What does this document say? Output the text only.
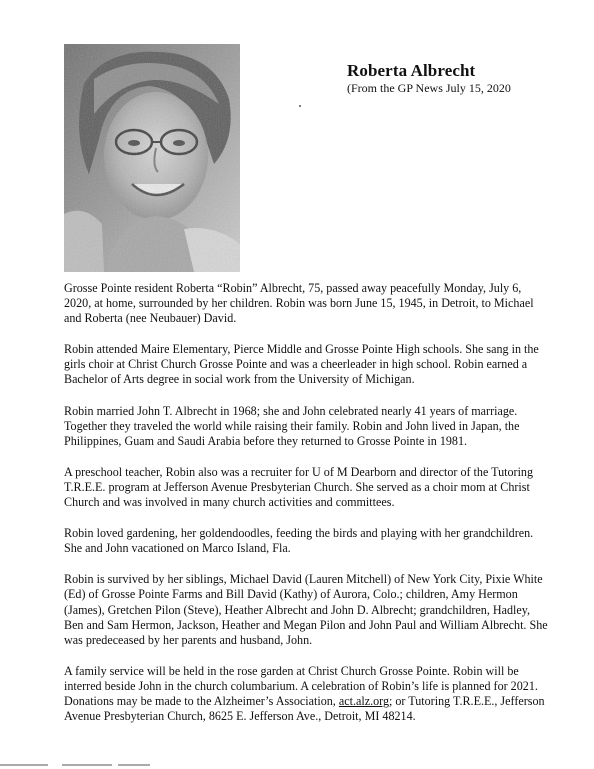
Roberta Albrecht

(From the GP News July 15, 2020

Grosse Pointe resident Roberta “Robin” Albrecht, 75, passed away peacefully Monday, July 6, 2020, at home, surrounded by her children. Robin was born June 15, 1945, in Detroit, to Michael and Roberta (nee Neubauer) David.

Robin attended Maire Elementary, Pierce Middle and Grosse Pointe High schools. She sang in the girls choir at Christ Church Grosse Pointe and was a cheerleader in high school. Robin earned a Bachelor of Arts degree in social work from the University of Michigan.

Robin married John T. Albrecht in 1968; she and John celebrated nearly 41 years of marriage. Together they traveled the world while raising their family. Robin and John lived in Japan, the Philippines, Guam and Saudi Arabia before they returned to Grosse Pointe in 1981.

A preschool teacher, Robin also was a recruiter for U of M Dearborn and director of the Tutoring T.R.E.E. program at Jefferson Avenue Presbyterian Church. She served as a choir mom at Christ Church and was involved in many church activities and committees.

Robin loved gardening, her goldendoodles, feeding the birds and playing with her grandchildren. She and John vacationed on Marco Island, Fla.

Robin is survived by her siblings, Michael David (Lauren Mitchell) of New York City, Pixie White (Ed) of Grosse Pointe Farms and Bill David (Kathy) of Aurora, Colo.; children, Amy Hermon (James), Gretchen Pilon (Steve), Heather Albrecht and John D. Albrecht; grandchildren, Hadley, Ben and Sam Hermon, Jackson, Heather and Megan Pilon and John Paul and William Albrecht. She was predeceased by her parents and husband, John.

A family service will be held in the rose garden at Christ Church Grosse Pointe. Robin will be interred beside John in the church columbarium. A celebration of Robin’s life is planned for 2021. Donations may be made to the Alzheimer’s Association, act.alz.org; or Tutoring T.R.E.E., Jefferson Avenue Presbyterian Church, 8625 E. Jefferson Ave., Detroit, MI 48214.
